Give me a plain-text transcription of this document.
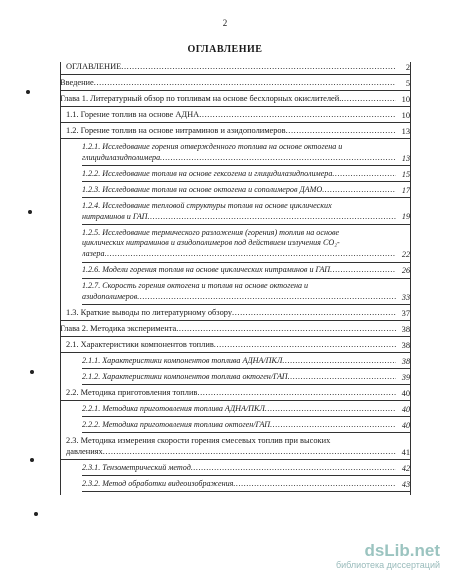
2
ОГЛАВЛЕНИЕ
ОГЛАВЛЕНИЕ .....	2
Введение .....	5
Глава 1. Литературный обзор по топливам на основе бесхлорных окислителей. .....	10
1.1. Горение топлив на основе АДНА .....	10
1.2. Горение топлив на основе нитраминов и азидополимеров .....	13
1.2.1. Исследование горения отвержденного топлива на основе октогена и
глицидилазидполимера .....	13
1.2.2. Исследование топлив на основе гексогена и глицидилазидполимера .....	15
1.2.3. Исследование топлив на основе октогена и сополимеров ДАМО .....	17
1.2.4. Исследование тепловой структуры топлив на основе циклических
нитраминов и ГАП .....	19
1.2.5. Исследование термического разложения (горения) топлив на основе
циклических нитраминов и азидополимеров под действием излучения CO₂-
лазера .....	22
1.2.6. Модели горения топлив на основе циклических нитраминов и ГАП .....	26
1.2.7. Скорость горения октогена и топлив на основе октогена и
азидополимеров .....	33
1.3. Краткие выводы по литературному обзору .....	37
Глава 2. Методика эксперимента .....	38
2.1. Характеристики компонентов топлив .....	38
2.1.1. Характеристики компонентов топлива АДНА/ПКЛ .....	38
2.1.2. Характеристики компонентов топлива октоген/ГАП .....	39
2.2. Методика приготовления топлив .....	40
2.2.1. Методика приготовления топлива АДНА/ПКЛ .....	40
2.2.2. Методика приготовления топлива октоген/ГАП .....	40
2.3. Методика измерения скорости горения смесевых топлив при высоких
давлениях .....	41
2.3.1. Тензометрический метод .....	42
2.3.2. Метод обработки видеоизображения .....	43
dsLib.net
библиотека диссертаций
